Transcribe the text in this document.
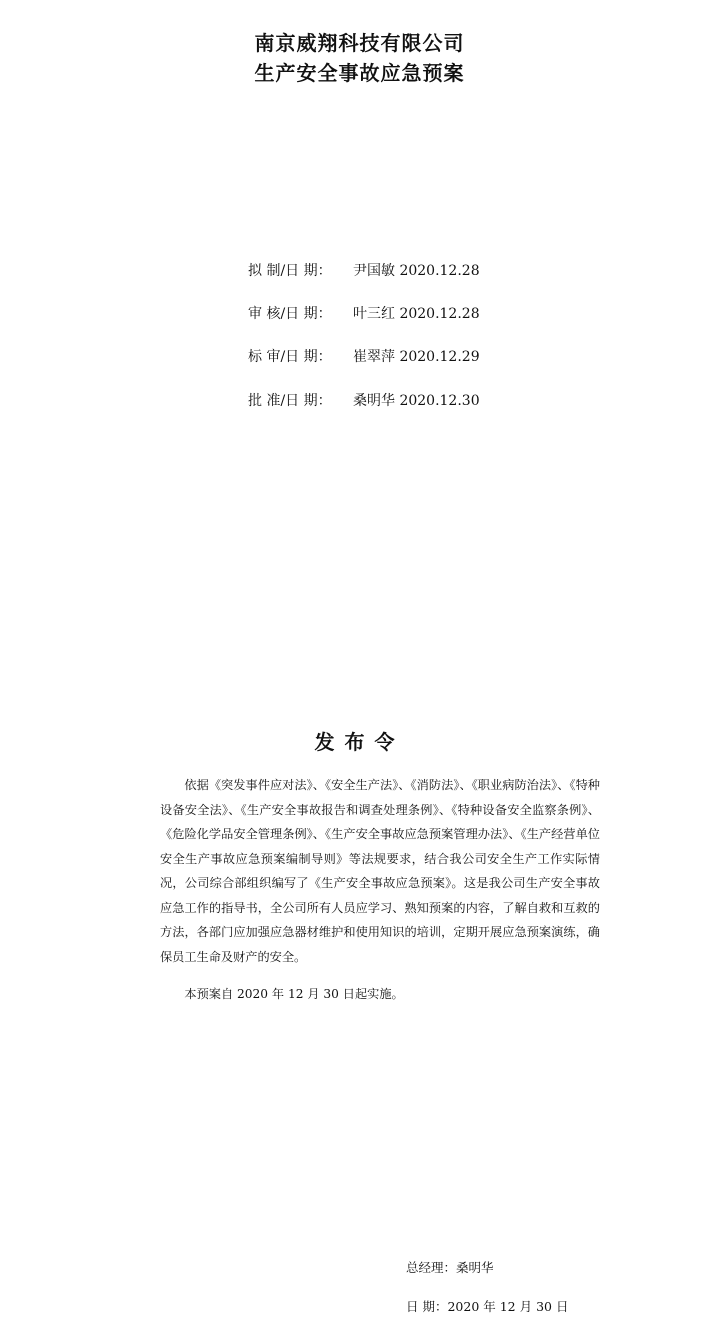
南京威翔科技有限公司
生产安全事故应急预案
拟 制/日 期： 尹国敏 2020.12.28
审 核/日 期： 叶三红 2020.12.28
标 审/日 期： 崔翠萍 2020.12.29
批 准/日 期： 桑明华 2020.12.30
发布令

依据《突发事件应对法》、《安全生产法》、《消防法》、《职业病防治法》、《特种设备安全法》、《生产安全事故报告和调查处理条例》、《特种设备安全监察条例》、《危险化学品安全管理条例》、《生产安全事故应急预案管理办法》、《生产经营单位安全生产事故应急预案编制导则》等法规要求，结合我公司安全生产工作实际情况，公司综合部组织编写了《生产安全事故应急预案》。这是我公司生产安全事故应急工作的指导书，全公司所有人员应学习、熟知预案的内容，了解自救和互救的方法，各部门应加强应急器材维护和使用知识的培训，定期开展应急预案演练，确保员工生命及财产的安全。

本预案自 2020 年 12 月 30 日起实施。

总经理：桑明华
日 期：2020 年 12 月 30 日
